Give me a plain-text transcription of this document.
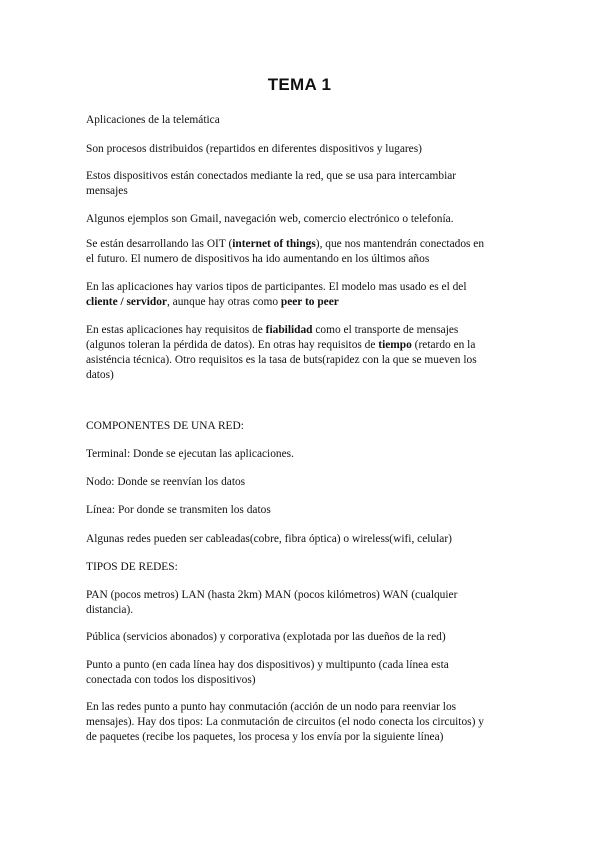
TEMA 1

Aplicaciones de la telemática

Son procesos distribuidos (repartidos en diferentes dispositivos y lugares)

Estos dispositivos están conectados mediante la red, que se usa para intercambiar
mensajes

Algunos ejemplos son Gmail, navegación web, comercio electrónico o telefonía.

Se están desarrollando las OIT (internet of things), que nos mantendrán conectados en
el futuro. El numero de dispositivos ha ido aumentando en los últimos años

En las aplicaciones hay varios tipos de participantes. El modelo mas usado es el del
cliente / servidor, aunque hay otras como peer to peer

En estas aplicaciones hay requisitos de fiabilidad como el transporte de mensajes
(algunos toleran la pérdida de datos). En otras hay requisitos de tiempo (retardo en la
asisténcia técnica). Otro requisitos es la tasa de buts(rapidez con la que se mueven los
datos)

COMPONENTES DE UNA RED:

Terminal: Donde se ejecutan las aplicaciones.

Nodo: Donde se reenvían los datos

Línea: Por donde se transmiten los datos

Algunas redes pueden ser cableadas(cobre, fibra óptica) o wireless(wifi, celular)

TIPOS DE REDES:

PAN (pocos metros) LAN (hasta 2km) MAN (pocos kilómetros) WAN (cualquier
distancia).

Pública (servicios abonados) y corporativa (explotada por las dueños de la red)

Punto a punto (en cada línea hay dos dispositivos) y multipunto (cada línea esta
conectada con todos los dispositivos)

En las redes punto a punto hay conmutación (acción de un nodo para reenviar los
mensajes). Hay dos tipos: La conmutación de circuitos (el nodo conecta los circuitos) y
de paquetes (recibe los paquetes, los procesa y los envía por la siguiente línea)
